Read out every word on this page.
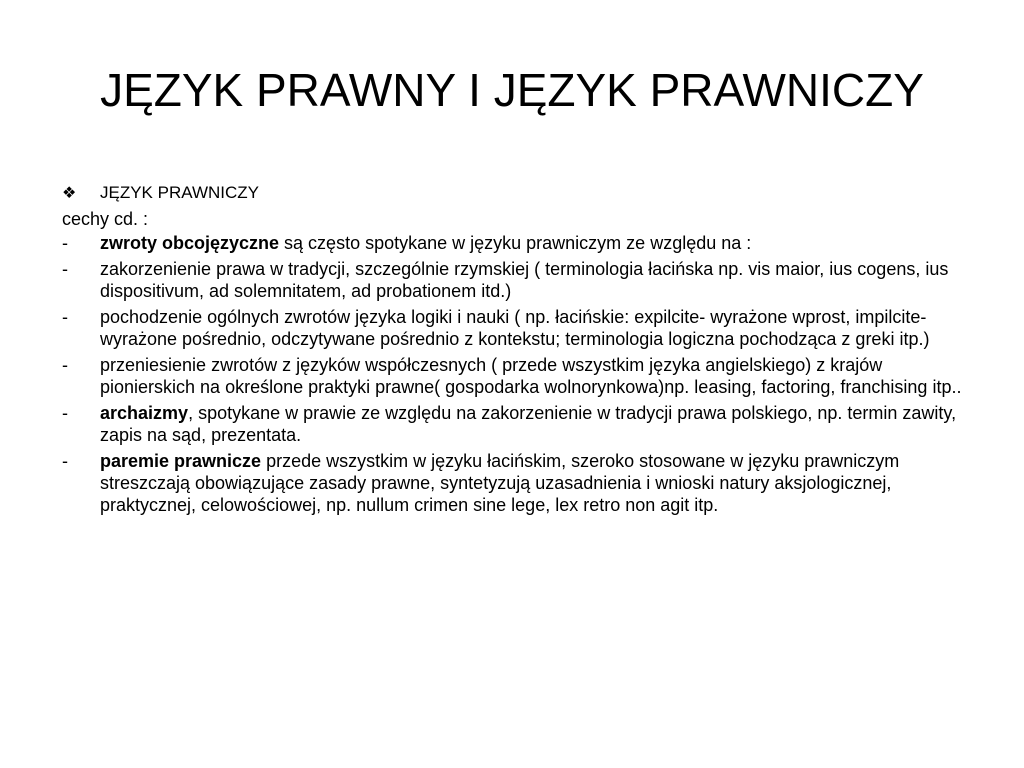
JĘZYK PRAWNY I JĘZYK PRAWNICZY
❖	JĘZYK PRAWNICZY
cechy cd. :
-	zwroty obcojęzyczne są często spotykane w języku prawniczym ze względu na :
-	zakorzenienie prawa w tradycji, szczególnie rzymskiej ( terminologia łacińska np. vis maior, ius cogens, ius dispositivum, ad solemnitatem, ad probationem itd.)
-	pochodzenie ogólnych zwrotów języka logiki i nauki ( np. łacińskie: expilcite- wyrażone wprost, impilcite- wyrażone pośrednio, odczytywane pośrednio z kontekstu; terminologia logiczna pochodząca z greki itp.)
-	przeniesienie zwrotów z języków współczesnych ( przede wszystkim języka angielskiego) z krajów pionierskich na określone praktyki prawne( gospodarka wolnorynkowa)np. leasing, factoring, franchising itp..
-	archaizmy, spotykane w prawie ze względu na zakorzenienie w tradycji prawa polskiego, np. termin zawity, zapis na sąd, prezentata.
-	paremie prawnicze przede wszystkim w języku łacińskim, szeroko stosowane w języku prawniczym streszczają obowiązujące zasady prawne, syntetyzują uzasadnienia i wnioski natury aksjologicznej, praktycznej, celowościowej, np. nullum crimen sine lege, lex retro non agit itp.
